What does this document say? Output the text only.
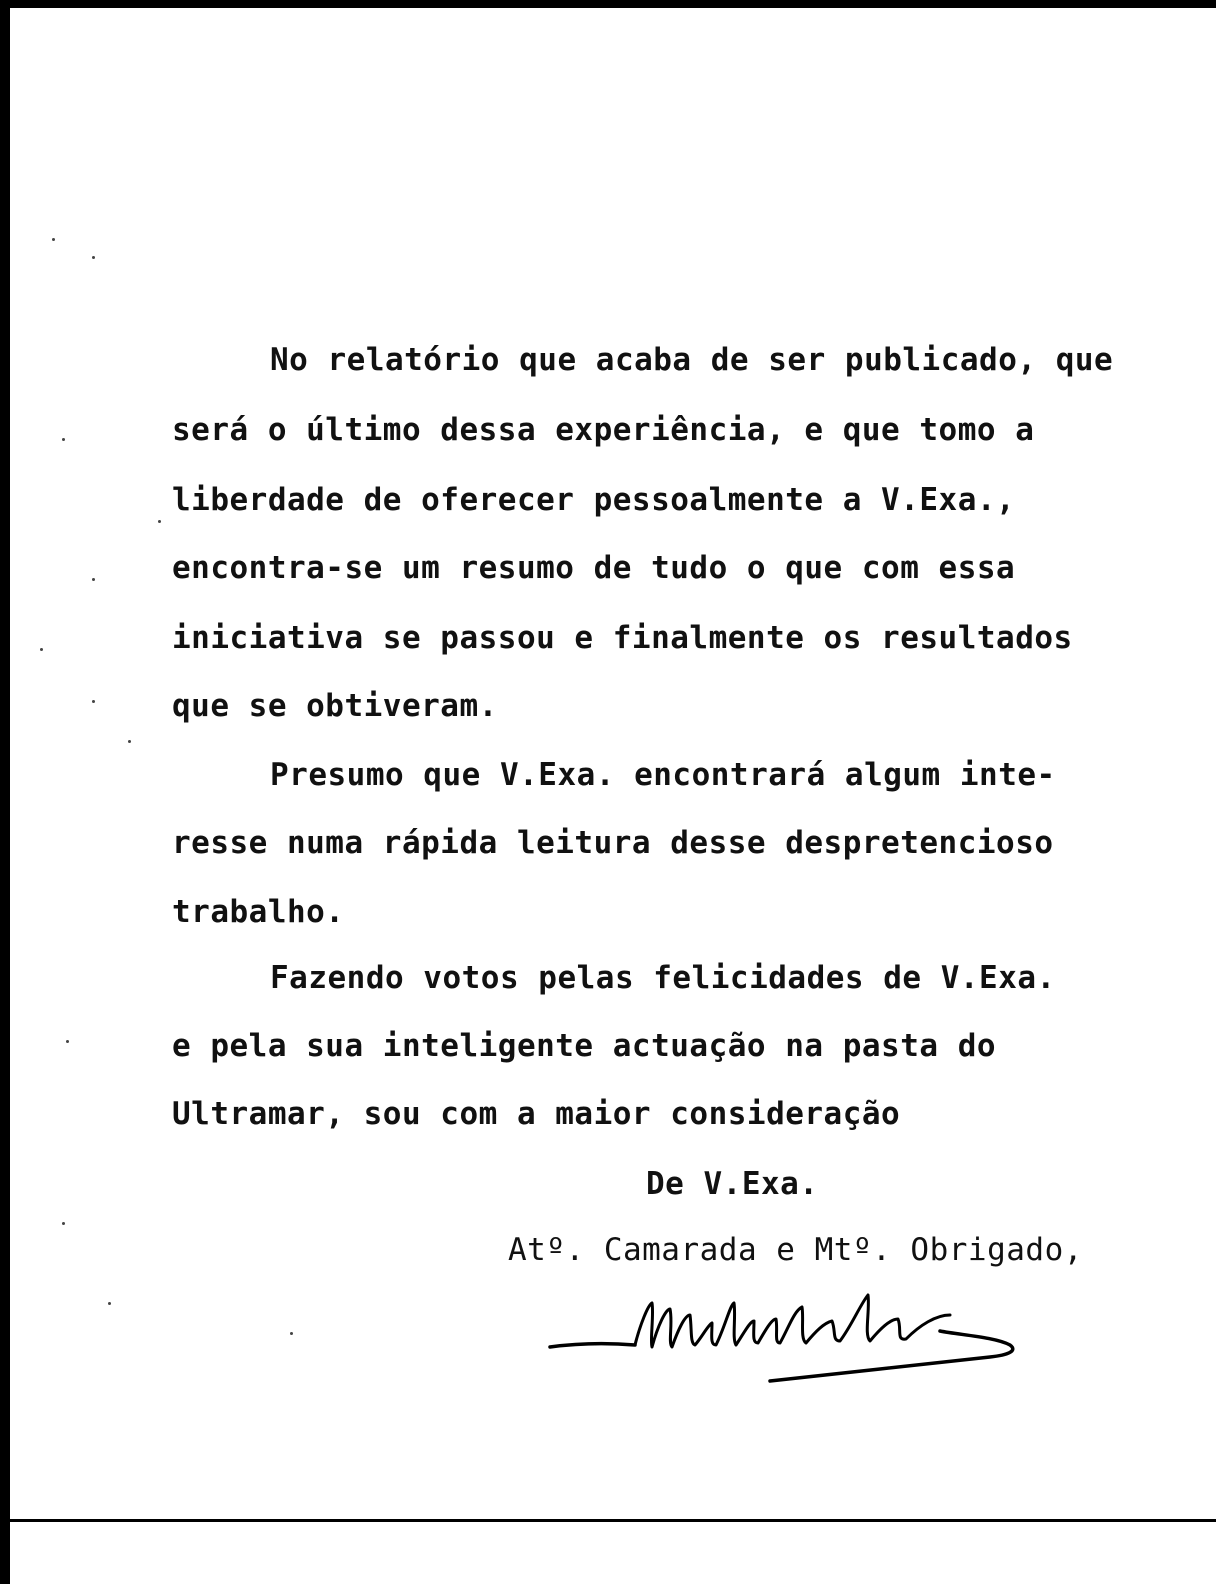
No relatório que acaba de ser publicado, que
será o último dessa experiência, e que tomo a
liberdade de oferecer pessoalmente a V.Exa.,
encontra-se um resumo de tudo o que com essa
iniciativa se passou e finalmente os resultados
que se obtiveram.
Presumo que V.Exa. encontrará algum inte-
resse numa rápida leitura desse despretencioso
trabalho.
Fazendo votos pelas felicidades de V.Exa.
e pela sua inteligente actuação na pasta do
Ultramar, sou com a maior consideração
De V.Exa.
Atº. Camarada e Mtº. Obrigado,
